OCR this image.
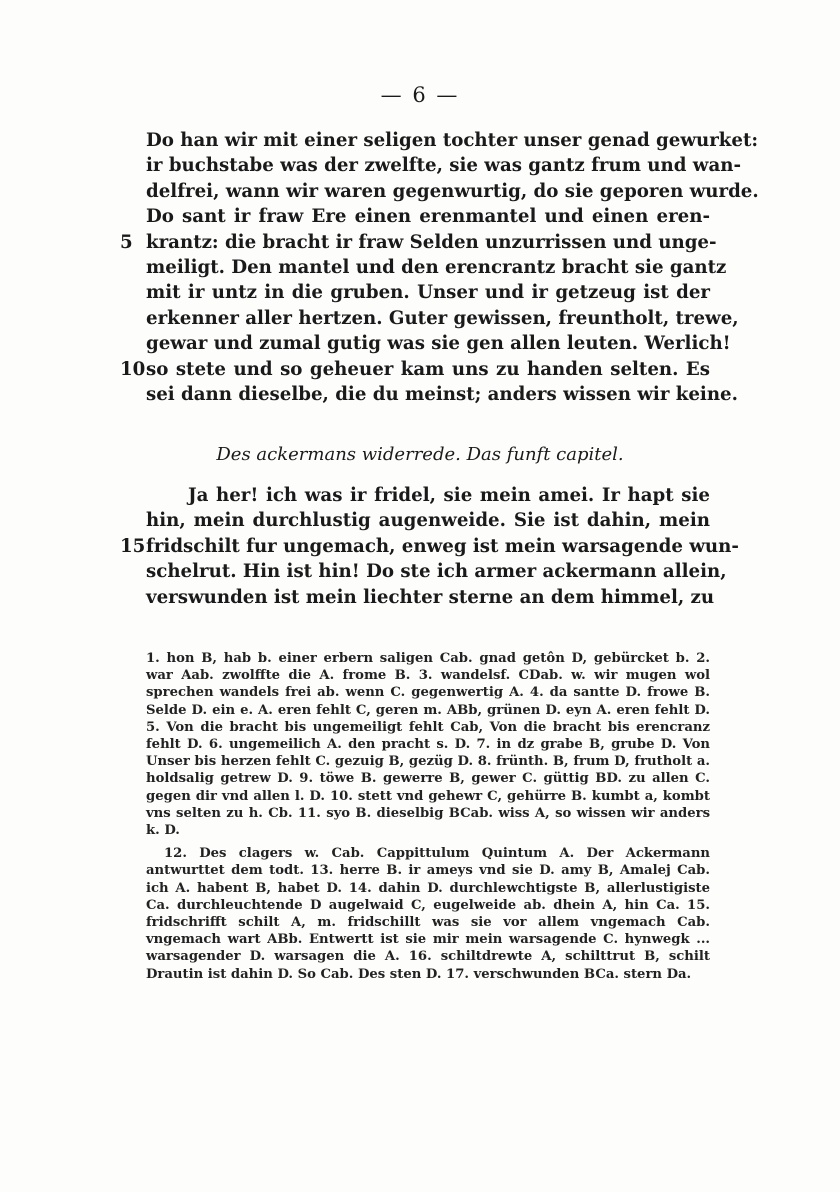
— 6 —
Do han wir mit einer seligen tochter unser genad gewurket:
ir buchstabe was der zwelfte, sie was gantz frum und wan-
delfrei, wann wir waren gegenwurtig, do sie geporen wurde.
Do sant ir fraw Ere einen erenmantel und einen eren-
5 krantz: die bracht ir fraw Selden unzurrissen und unge-
meiligt. Den mantel und den erencrantz bracht sie gantz
mit ir untz in die gruben. Unser und ir getzeug ist der
erkenner aller hertzen. Guter gewissen, freuntholt, trewe,
gewar und zumal gutig was sie gen allen leuten. Werlich!
10 so stete und so geheuer kam uns zu handen selten. Es
sei dann dieselbe, die du meinst; anders wissen wir keine.
Des ackermans widerrede. Das funft capitel.
Ja her! ich was ir fridel, sie mein amei. Ir hapt sie
hin, mein durchlustig augenweide. Sie ist dahin, mein
15 fridschilt fur ungemach, enweg ist mein warsagende wun-
schelrut. Hin ist hin! Do ste ich armer ackermann allein,
verswunden ist mein liechter sterne an dem himmel, zu

1. hon B, hab b. einer erbern saligen Cab. gnad getôn D, gebürcket b. 2. war Aab. zwolffte die A. frome B. 3. wandelsf. CDab. w. wir mugen wol sprechen wandels frei ab. wenn C. gegenwertig A. 4. da santte D. frowe B. Selde D. ein e. A. eren fehlt C, geren m. ABb, grünen D. eyn A. eren fehlt D. 5. Von die bracht bis ungemeiligt fehlt Cab, Von die bracht bis erencranz fehlt D. 6. ungemeilich A. den pracht s. D. 7. in dz grabe B, grube D. Von Unser bis herzen fehlt C. gezuig B, gezüg D. 8. frünth. B, frum D, frutholt a. holdsalig getrew D. 9. töwe B. gewerre B, gewer C. güttig BD. zu allen C. gegen dir vnd allen l. D. 10. stett vnd gehewr C, gehürre B. kumbt a, kombt vns selten zu h. Cb. 11. syo B. dieselbig BCab. wiss A, so wissen wir anders k. D.

12. Des clagers w. Cab. Cappittulum Quintum A. Der Ackermann antwurttet dem todt. 13. herre B. ir ameys vnd sie D. amy B, Amalej Cab. ich A. habent B, habet D. 14. dahin D. durchlewchtigste B, allerlustigiste Ca. durchleuchtende D augelwaid C, eugelweide ab. dhein A, hin Ca. 15. fridschrifft schilt A, m. fridschillt was sie vor allem vngemach Cab. vngemach wart ABb. Entwertt ist sie mir mein warsagende C. hynwegk ... warsagender D. warsagen die A. 16. schiltdrewte A, schilttrut B, schilt Drautin ist dahin D. So Cab. Des sten D. 17. verschwunden BCa. stern Da.
